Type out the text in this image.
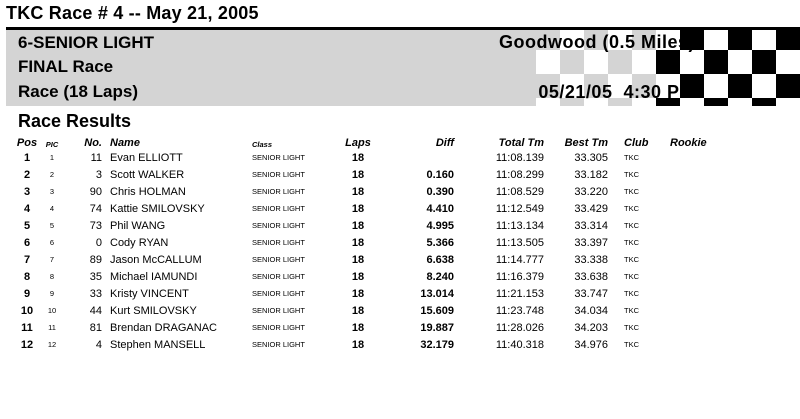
TKC Race # 4 -- May 21, 2005
6-SENIOR LIGHT
FINAL Race
Race (18 Laps)
Goodwood (0.5 Miles)
05/21/05  4:30 PM
Race Results
Pos	PIC	No.	Name	Class	Laps	Diff	Total Tm	Best Tm	Club	Rookie
1	1	11	Evan ELLIOTT	SENIOR LIGHT	18		11:08.139	33.305	TKC	
2	2	3	Scott WALKER	SENIOR LIGHT	18	0.160	11:08.299	33.182	TKC	
3	3	90	Chris HOLMAN	SENIOR LIGHT	18	0.390	11:08.529	33.220	TKC	
4	4	74	Kattie SMILOVSKY	SENIOR LIGHT	18	4.410	11:12.549	33.429	TKC	
5	5	73	Phil WANG	SENIOR LIGHT	18	4.995	11:13.134	33.314	TKC	
6	6	0	Cody RYAN	SENIOR LIGHT	18	5.366	11:13.505	33.397	TKC	
7	7	89	Jason McCALLUM	SENIOR LIGHT	18	6.638	11:14.777	33.338	TKC	
8	8	35	Michael IAMUNDI	SENIOR LIGHT	18	8.240	11:16.379	33.638	TKC	
9	9	33	Kristy VINCENT	SENIOR LIGHT	18	13.014	11:21.153	33.747	TKC	
10	10	44	Kurt SMILOVSKY	SENIOR LIGHT	18	15.609	11:23.748	34.034	TKC	
11	11	81	Brendan DRAGANAC	SENIOR LIGHT	18	19.887	11:28.026	34.203	TKC	
12	12	4	Stephen MANSELL	SENIOR LIGHT	18	32.179	11:40.318	34.976	TKC	
